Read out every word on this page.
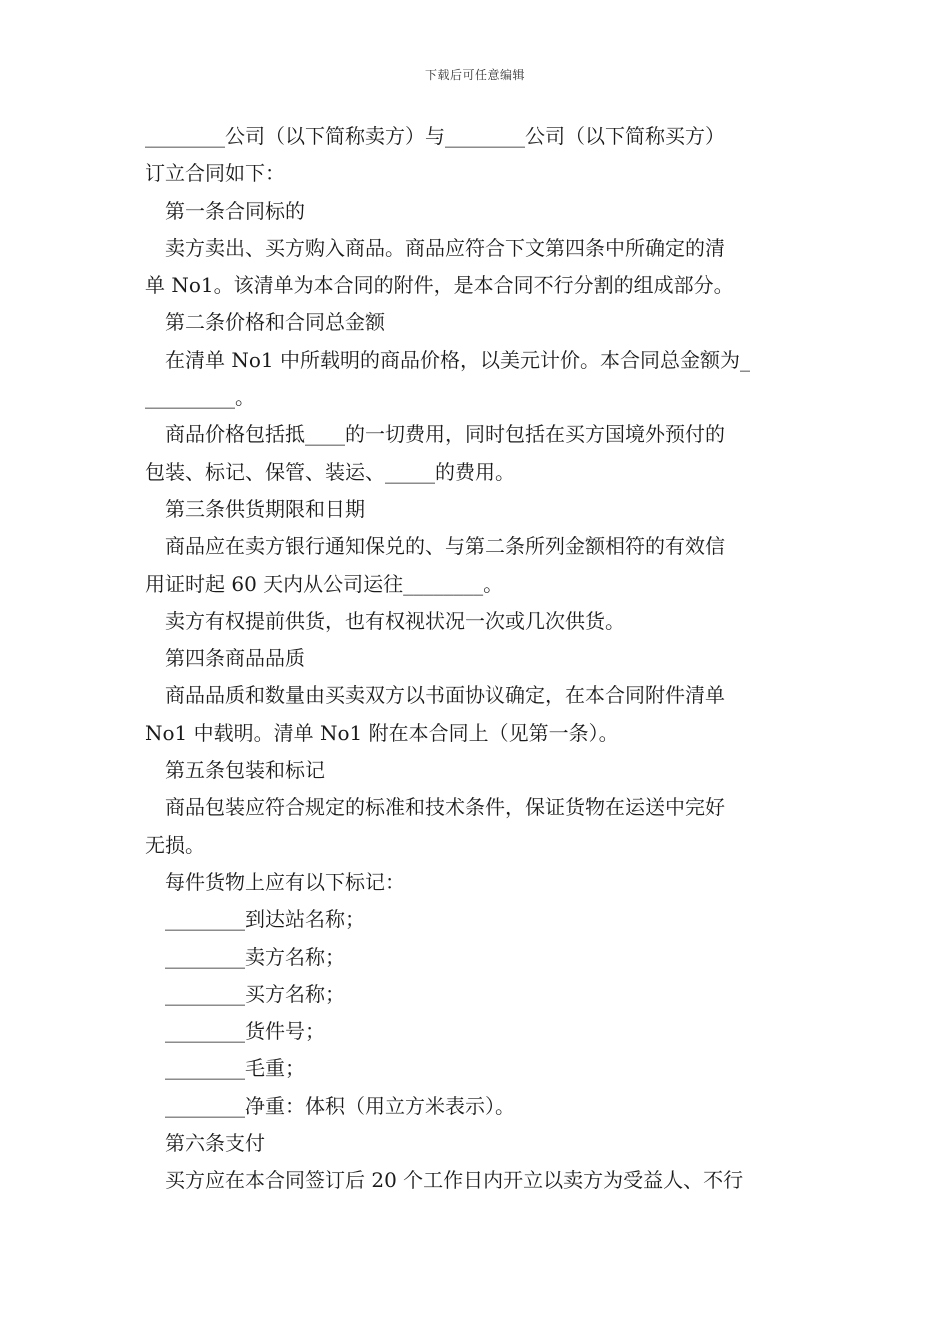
下载后可任意编辑
________公司（以下简称卖方）与________公司（以下简称买方）
订立合同如下：
第一条合同标的
卖方卖出、买方购入商品。商品应符合下文第四条中所确定的清
单 No1。该清单为本合同的附件，是本合同不行分割的组成部分。
第二条价格和合同总金额
在清单 No1 中所载明的商品价格，以美元计价。本合同总金额为_
_________。
商品价格包括抵____的一切费用，同时包括在买方国境外预付的
包装、标记、保管、装运、_____的费用。
第三条供货期限和日期
商品应在卖方银行通知保兑的、与第二条所列金额相符的有效信
用证时起 60 天内从公司运往________。
卖方有权提前供货，也有权视状况一次或几次供货。
第四条商品品质
商品品质和数量由买卖双方以书面协议确定，在本合同附件清单
No1 中载明。清单 No1 附在本合同上（见第一条）。
第五条包装和标记
商品包装应符合规定的标准和技术条件，保证货物在运送中完好
无损。
每件货物上应有以下标记：
________到达站名称；
________卖方名称；
________买方名称；
________货件号；
________毛重；
________净重：体积（用立方米表示）。
第六条支付
买方应在本合同签订后 20 个工作日内开立以卖方为受益人、不行
